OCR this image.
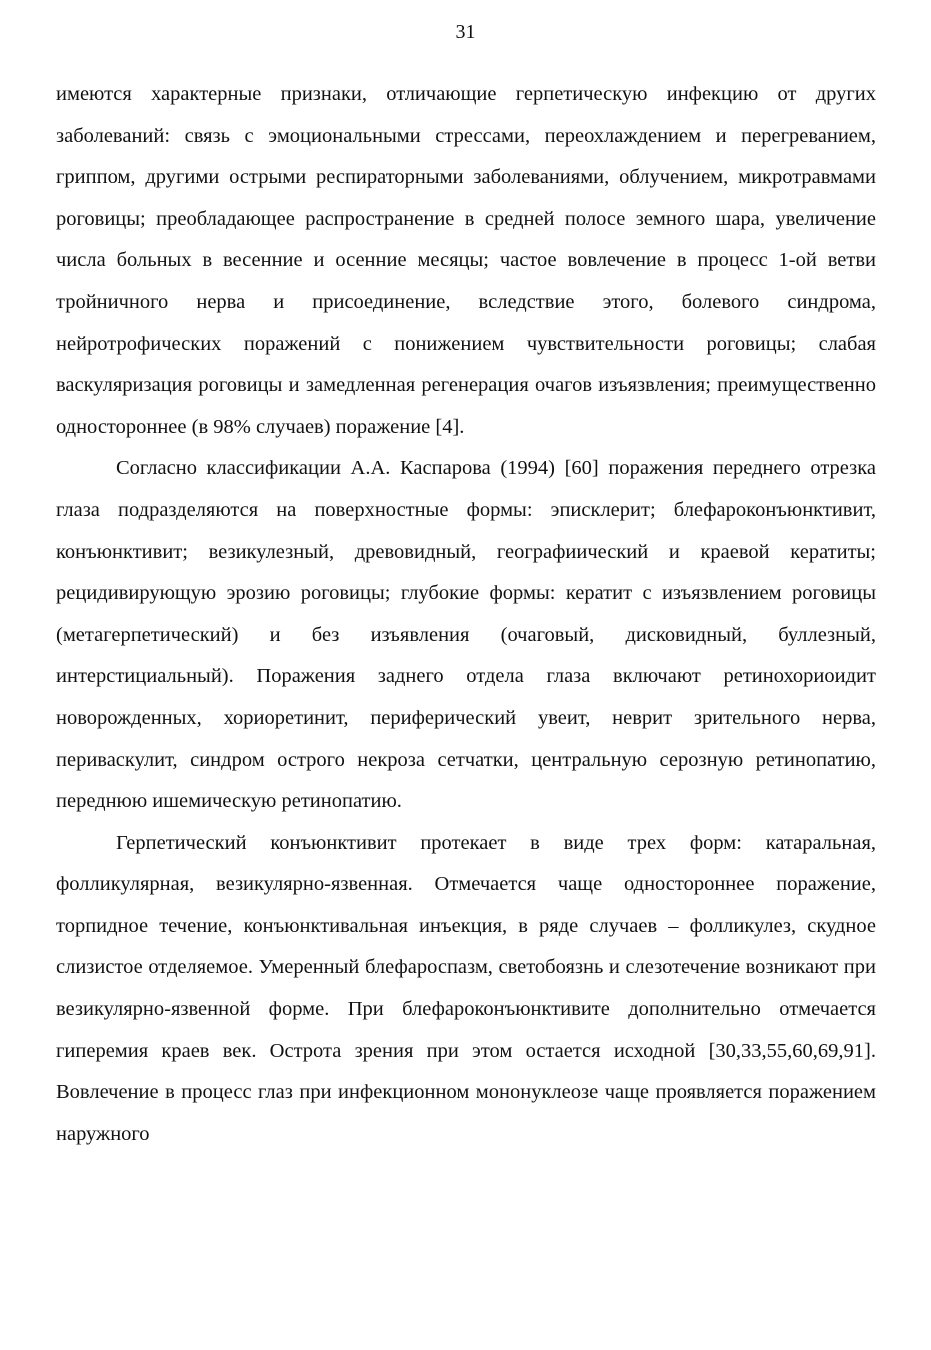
31

имеются характерные признаки, отличающие герпетическую инфекцию от других заболеваний: связь с эмоциональными стрессами, переохлаждением и перегреванием, гриппом, другими острыми респираторными заболеваниями, облучением, микротравмами роговицы; преобладающее распространение в средней полосе земного шара, увеличение числа больных в весенние и осенние месяцы; частое вовлечение в процесс 1-ой ветви тройничного нерва и присоединение, вследствие этого, болевого синдрома, нейротрофических поражений с понижением чувствительности роговицы; слабая васкуляризация роговицы и замедленная регенерация очагов изъязвления; преимущественно одностороннее (в 98% случаев) поражение [4].

Согласно классификации А.А. Каспарова (1994) [60] поражения переднего отрезка глаза подразделяются на поверхностные формы: эписклерит; блефароконъюнктивит, конъюнктивит; везикулезный, древовидный, географиический и краевой кератиты; рецидивирующую эрозию роговицы; глубокие формы: кератит с изъязвлением роговицы (метагерпетический) и без изъявления (очаговый, дисковидный, буллезный, интерстициальный). Поражения заднего отдела глаза включают ретинохориоидит новорожденных, хориоретинит, периферический увеит, неврит зрительного нерва, периваскулит, синдром острого некроза сетчатки, центральную серозную ретинопатию, переднюю ишемическую ретинопатию.

Герпетический конъюнктивит протекает в виде трех форм: катаральная, фолликулярная, везикулярно-язвенная. Отмечается чаще одностороннее поражение, торпидное течение, конъюнктивальная инъекция, в ряде случаев – фолликулез, скудное слизистое отделяемое. Умеренный блефароспазм, светобоязнь и слезотечение возникают при везикулярно-язвенной форме. При блефароконъюнктивите дополнительно отмечается гиперемия краев век. Острота зрения при этом остается исходной [30,33,55,60,69,91]. Вовлечение в процесс глаз при инфекционном мононуклеозе чаще проявляется поражением наружного
